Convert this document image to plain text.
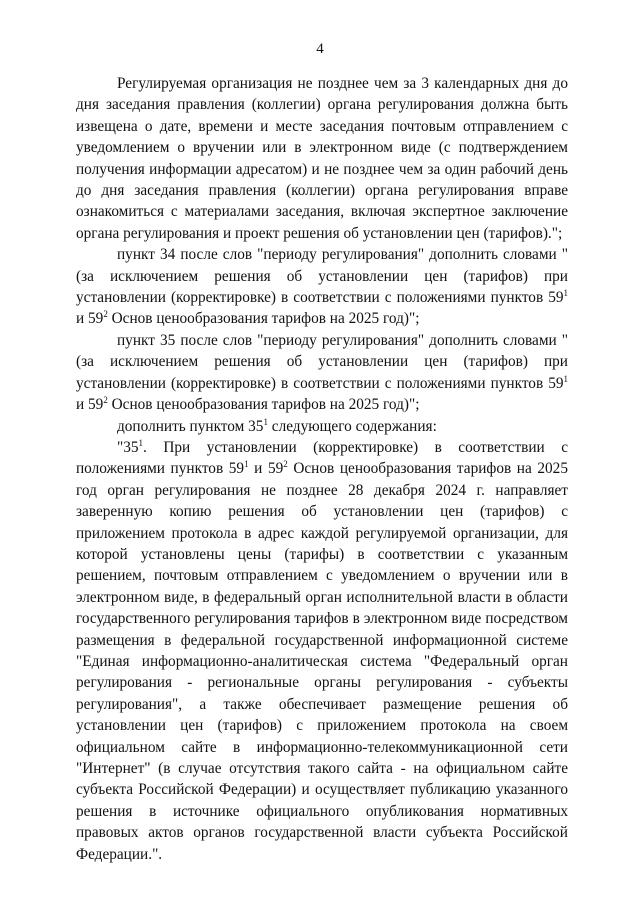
4

Регулируемая организация не позднее чем за 3 календарных дня до дня заседания правления (коллегии) органа регулирования должна быть извещена о дате, времени и месте заседания почтовым отправлением с уведомлением о вручении или в электронном виде (с подтверждением получения информации адресатом) и не позднее чем за один рабочий день до дня заседания правления (коллегии) органа регулирования вправе ознакомиться с материалами заседания, включая экспертное заключение органа регулирования и проект решения об установлении цен (тарифов).";

пункт 34 после слов "периоду регулирования" дополнить словами "(за исключением решения об установлении цен (тарифов) при установлении (корректировке) в соответствии с положениями пунктов $59^1$ и $59^2$ Основ ценообразования тарифов на 2025 год)";

пункт 35 после слов "периоду регулирования" дополнить словами "(за исключением решения об установлении цен (тарифов) при установлении (корректировке) в соответствии с положениями пунктов $59^1$ и $59^2$ Основ ценообразования тарифов на 2025 год)";

дополнить пунктом $35^1$ следующего содержания:

"$35^1$. При установлении (корректировке) в соответствии с положениями пунктов $59^1$ и $59^2$ Основ ценообразования тарифов на 2025 год орган регулирования не позднее 28 декабря 2024 г. направляет заверенную копию решения об установлении цен (тарифов) с приложением протокола в адрес каждой регулируемой организации, для которой установлены цены (тарифы) в соответствии с указанным решением, почтовым отправлением с уведомлением о вручении или в электронном виде, в федеральный орган исполнительной власти в области государственного регулирования тарифов в электронном виде посредством размещения в федеральной государственной информационной системе "Единая информационно-аналитическая система "Федеральный орган регулирования - региональные органы регулирования - субъекты регулирования", а также обеспечивает размещение решения об установлении цен (тарифов) с приложением протокола на своем официальном сайте в информационно-телекоммуникационной сети "Интернет" (в случае отсутствия такого сайта - на официальном сайте субъекта Российской Федерации) и осуществляет публикацию указанного решения в источнике официального опубликования нормативных правовых актов органов государственной власти субъекта Российской Федерации.".
